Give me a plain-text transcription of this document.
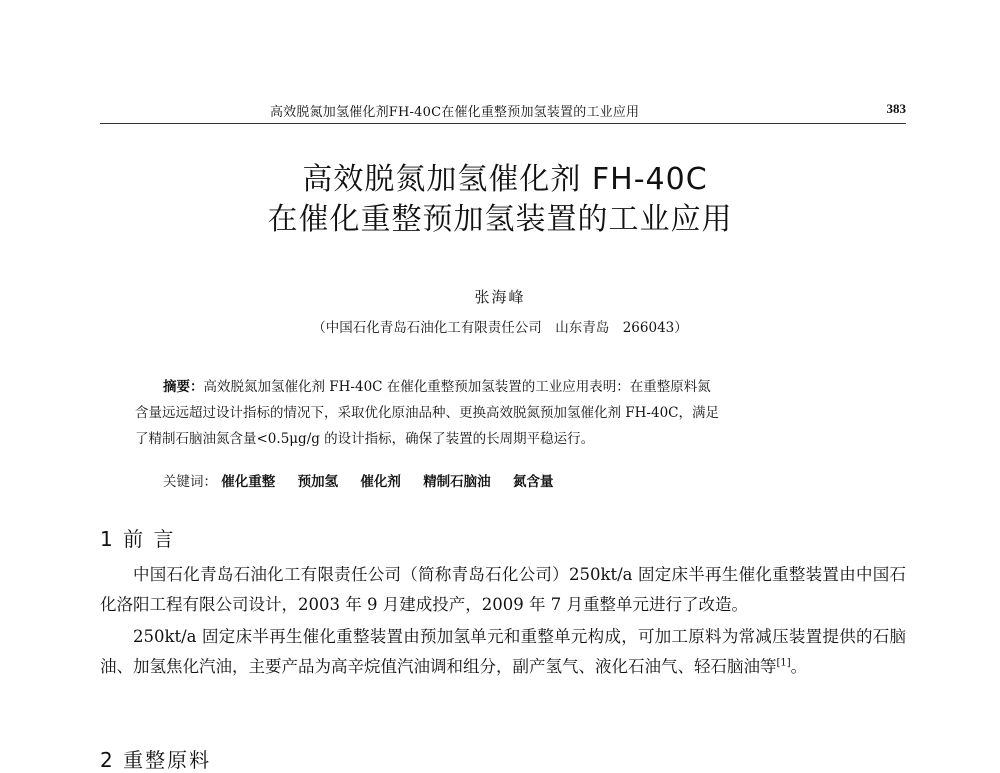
高效脱氮加氢催化剂FH-40C在催化重整预加氢装置的工业应用	383
高效脱氮加氢催化剂 FH-40C
在催化重整预加氢装置的工业应用
张海峰
（中国石化青岛石油化工有限责任公司　山东青岛　266043）

摘要：高效脱氮加氢催化剂 FH-40C 在催化重整预加氢装置的工业应用表明：在重整原料氮

含量远远超过设计指标的情况下，采取优化原油品种、更换高效脱氮预加氢催化剂 FH-40C，满足

了精制石脑油氮含量<0.5μg/g 的设计指标，确保了装置的长周期平稳运行。

关键词： 催化重整 预加氢 催化剂 精制石脑油 氮含量
1 前 言

中国石化青岛石油化工有限责任公司（简称青岛石化公司）250kt/a 固定床半再生催化重整装置由中国石化洛阳工程有限公司设计，2003 年 9 月建成投产，2009 年 7 月重整单元进行了改造。

250kt/a 固定床半再生催化重整装置由预加氢单元和重整单元构成，可加工原料为常减压装置提供的石脑油、加氢焦化汽油，主要产品为高辛烷值汽油调和组分，副产氢气、液化石油气、轻石脑油等[1]。

2 重整原料
